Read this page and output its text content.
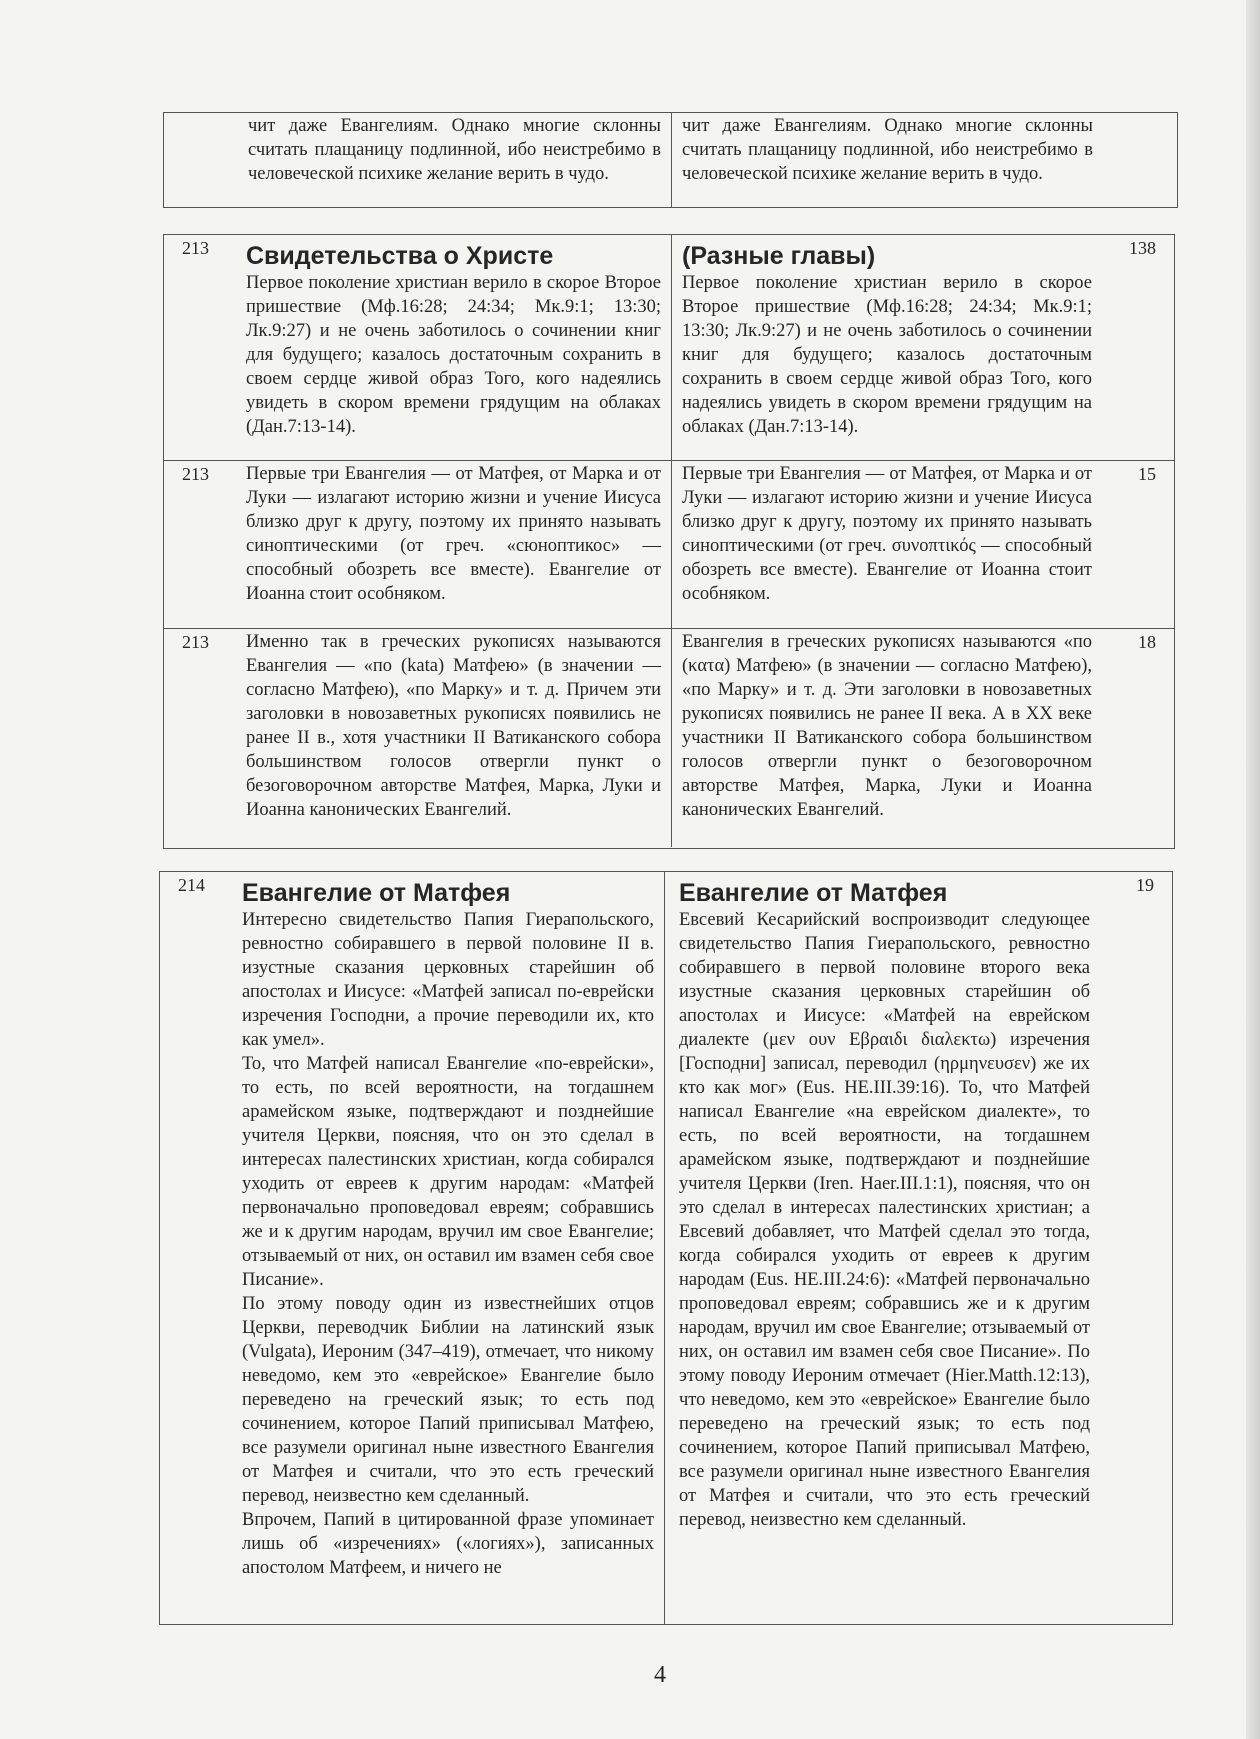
чит даже Евангелиям. Однако многие склонны считать плащаницу подлинной, ибо неистребимо в человеческой психике желание верить в чудо.
чит даже Евангелиям. Однако многие склонны считать плащаницу подлинной, ибо неистребимо в человеческой психике желание верить в чудо.
213 Свидетельства о Христе
Первое поколение христиан верило в скорое Второе пришествие (Мф.16:28; 24:34; Мк.9:1; 13:30; Лк.9:27) и не очень заботилось о сочинении книг для будущего; казалось достаточным сохранить в своем сердце живой образ Того, кого надеялись увидеть в скором времени грядущим на облаках (Дан.7:13-14).
138
(Разные главы)
Первое поколение христиан верило в скорое Второе пришествие (Мф.16:28; 24:34; Мк.9:1; 13:30; Лк.9:27) и не очень заботилось о сочинении книг для будущего; казалось достаточным сохранить в своем сердце живой образ Того, кого надеялись увидеть в скором времени грядущим на облаках (Дан.7:13-14).
213 Первые три Евангелия — от Матфея, от Марка и от Луки — излагают историю жизни и учение Иисуса близко друг к другу, поэтому их принято называть синоптическими (от греч. «сюноптикос» — способный обозреть все вместе). Евангелие от Иоанна стоит особняком.
15
Первые три Евангелия — от Матфея, от Марка и от Луки — излагают историю жизни и учение Иисуса близко друг к другу, поэтому их принято называть синоптическими (от греч. συνοπτικός — способный обозреть все вместе). Евангелие от Иоанна стоит особняком.
213 Именно так в греческих рукописях называются Евангелия — «по (kata) Матфею» (в значении — согласно Матфею), «по Марку» и т. д. Причем эти заголовки в новозаветных рукописях появились не ранее II в., хотя участники II Ватиканского собора большинством голосов отвергли пункт о безоговорочном авторстве Матфея, Марка, Луки и Иоанна канонических Евангелий.
18
Евангелия в греческих рукописях называются «по (κατα) Матфею» (в значении — согласно Матфею), «по Марку» и т. д. Эти заголовки в новозаветных рукописях появились не ранее II века. А в XX веке участники II Ватиканского собора большинством голосов отвергли пункт о безоговорочном авторстве Матфея, Марка, Луки и Иоанна канонических Евангелий.
214 Евангелие от Матфея

Интересно свидетельство Папия Гиерапольского, ревностно собиравшего в первой половине II в. изустные сказания церковных старейшин об апостолах и Иисусе: «Матфей записал по-еврейски изречения Господни, а прочие переводили их, кто как умел».

То, что Матфей написал Евангелие «по-еврейски», то есть, по всей вероятности, на тогдашнем арамейском языке, подтверждают и позднейшие учителя Церкви, поясняя, что он это сделал в интересах палестинских христиан, когда собирался уходить от евреев к другим народам: «Матфей первоначально проповедовал евреям; собравшись же и к другим народам, вручил им свое Евангелие; отзываемый от них, он оставил им взамен себя свое Писание».

По этому поводу один из известнейших отцов Церкви, переводчик Библии на латинский язык (Vulgata), Иероним (347–419), отмечает, что никому неведомо, кем это «еврейское» Евангелие было переведено на греческий язык; то есть под сочинением, которое Папий приписывал Матфею, все разумели оригинал ныне известного Евангелия от Матфея и считали, что это есть греческий перевод, неизвестно кем сделанный.

Впрочем, Папий в цитированной фразе упоминает лишь об «изречениях» («логиях»), записанных апостолом Матфеем, и ничего не

19
Евангелие от Матфея
Евсевий Кесарийский воспроизводит следующее свидетельство Папия Гиерапольского, ревностно собиравшего в первой половине второго века изустные сказания церковных старейшин об апостолах и Иисусе: «Матфей на еврейском диалекте (μεν ουν Εβραιδι διαλεκτω) изречения [Господни] записал, переводил (ηρμηνευσεν) же их кто как мог» (Eus. HE.III.39:16). То, что Матфей написал Евангелие «на еврейском диалекте», то есть, по всей вероятности, на тогдашнем арамейском языке, подтверждают и позднейшие учителя Церкви (Iren. Haer.III.1:1), поясняя, что он это сделал в интересах палестинских христиан; а Евсевий добавляет, что Матфей сделал это тогда, когда собирался уходить от евреев к другим народам (Eus. HE.III.24:6): «Матфей первоначально проповедовал евреям; собравшись же и к другим народам, вручил им свое Евангелие; отзываемый от них, он оставил им взамен себя свое Писание». По этому поводу Иероним отмечает (Hier.Matth.12:13), что неведомо, кем это «еврейское» Евангелие было переведено на греческий язык; то есть под сочинением, которое Папий приписывал Матфею, все разумели оригинал ныне известного Евангелия от Матфея и считали, что это есть греческий перевод, неизвестно кем сделанный.
4
